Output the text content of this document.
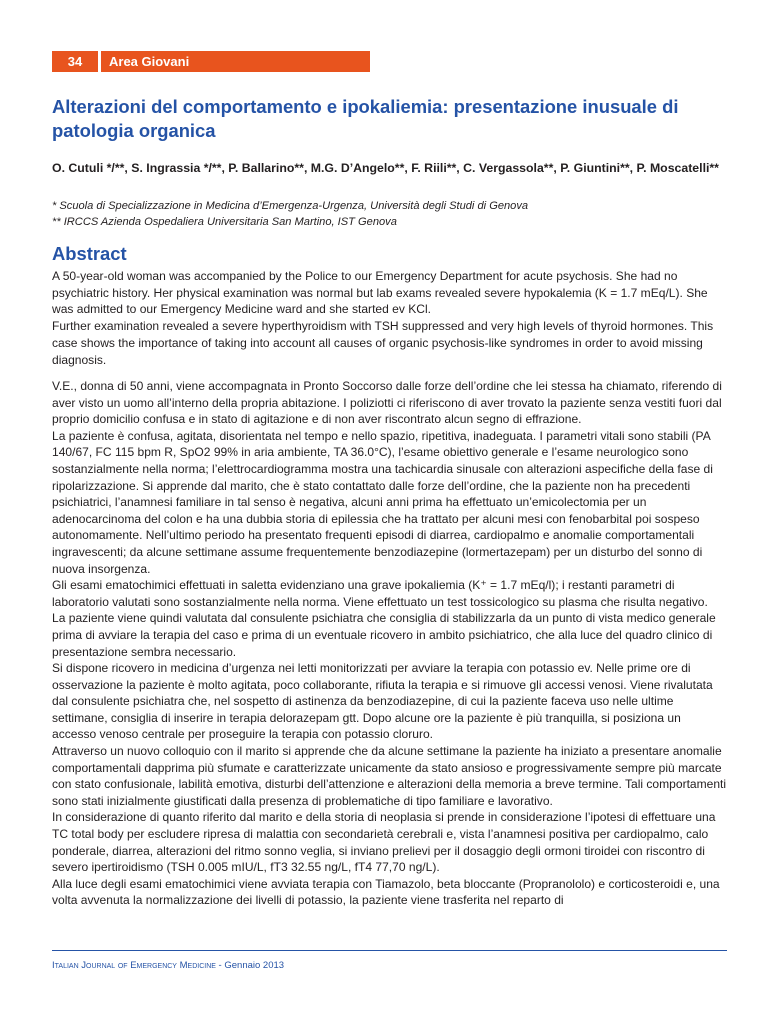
34	Area Giovani
Alterazioni del comportamento e ipokaliemia: presentazione inusuale di patologia organica

O. Cutuli */**, S. Ingrassia */**, P. Ballarino**, M.G. D’Angelo**, F. Riili**, C. Vergassola**, P. Giuntini**, P. Moscatelli**

* Scuola di Specializzazione in Medicina d’Emergenza-Urgenza, Università degli Studi di Genova
** IRCCS Azienda Ospedaliera Universitaria San Martino, IST Genova
Abstract

A 50-year-old woman was accompanied by the Police to our Emergency Department for acute psychosis. She had no psychiatric history. Her physical examination was normal but lab exams revealed severe hypokalemia (K = 1.7 mEq/L). She was admitted to our Emergency Medicine ward and she started ev KCl.

Further examination revealed a severe hyperthyroidism with TSH suppressed and very high levels of thyroid hormones. This case shows the importance of taking into account all causes of organic psychosis-like syndromes in order to avoid missing diagnosis.

V.E., donna di 50 anni, viene accompagnata in Pronto Soccorso dalle forze dell’ordine che lei stessa ha chiamato, riferendo di aver visto un uomo all’interno della propria abitazione. I poliziotti ci riferiscono di aver trovato la paziente senza vestiti fuori dal proprio domicilio confusa e in stato di agitazione e di non aver riscontrato alcun segno di effrazione.

La paziente è confusa, agitata, disorientata nel tempo e nello spazio, ripetitiva, inadeguata. I parametri vitali sono stabili (PA 140/67, FC 115 bpm R, SpO2 99% in aria ambiente, TA 36.0°C), l’esame obiettivo generale e l’esame neurologico sono sostanzialmente nella norma; l’elettrocardiogramma mostra una tachicardia sinusale con alterazioni aspecifiche della fase di ripolarizzazione. Si apprende dal marito, che è stato contattato dalle forze dell’ordine, che la paziente non ha precedenti psichiatrici, l’anamnesi familiare in tal senso è negativa, alcuni anni prima ha effettuato un’emicolectomia per un adenocarcinoma del colon e ha una dubbia storia di epilessia che ha trattato per alcuni mesi con fenobarbital poi sospeso autonomamente. Nell’ultimo periodo ha presentato frequenti episodi di diarrea, cardiopalmo e anomalie comportamentali ingravescenti; da alcune settimane assume frequentemente benzodiazepine (lormertazepam) per un disturbo del sonno di nuova insorgenza.

Gli esami ematochimici effettuati in saletta evidenziano una grave ipokaliemia (K⁺ = 1.7 mEq/l); i restanti parametri di laboratorio valutati sono sostanzialmente nella norma. Viene effettuato un test tossicologico su plasma che risulta negativo.

La paziente viene quindi valutata dal consulente psichiatra che consiglia di stabilizzarla da un punto di vista medico generale prima di avviare la terapia del caso e prima di un eventuale ricovero in ambito psichiatrico, che alla luce del quadro clinico di presentazione sembra necessario.

Si dispone ricovero in medicina d’urgenza nei letti monitorizzati per avviare la terapia con potassio ev. Nelle prime ore di osservazione la paziente è molto agitata, poco collaborante, rifiuta la terapia e si rimuove gli accessi venosi. Viene rivalutata dal consulente psichiatra che, nel sospetto di astinenza da benzodiazepine, di cui la paziente faceva uso nelle ultime settimane, consiglia di inserire in terapia delorazepam gtt. Dopo alcune ore la paziente è più tranquilla, si posiziona un accesso venoso centrale per proseguire la terapia con potassio cloruro.

Attraverso un nuovo colloquio con il marito si apprende che da alcune settimane la paziente ha iniziato a presentare anomalie comportamentali dapprima più sfumate e caratterizzate unicamente da stato ansioso e progressivamente sempre più marcate con stato confusionale, labilità emotiva, disturbi dell’attenzione e alterazioni della memoria a breve termine. Tali comportamenti sono stati inizialmente giustificati dalla presenza di problematiche di tipo familiare e lavorativo.

In considerazione di quanto riferito dal marito e della storia di neoplasia si prende in considerazione l’ipotesi di effettuare una TC total body per escludere ripresa di malattia con secondarietà cerebrali e, vista l’anamnesi positiva per cardiopalmo, calo ponderale, diarrea, alterazioni del ritmo sonno veglia, si inviano prelievi per il dosaggio degli ormoni tiroidei con riscontro di severo ipertiroidismo (TSH 0.005 mIU/L, fT3 32.55 ng/L, fT4 77,70 ng/L).

Alla luce degli esami ematochimici viene avviata terapia con Tiamazolo, beta bloccante (Propranololo) e corticosteroidi e, una volta avvenuta la normalizzazione dei livelli di potassio, la paziente viene trasferita nel reparto di

Italian Journal of Emergency Medicine - Gennaio 2013
